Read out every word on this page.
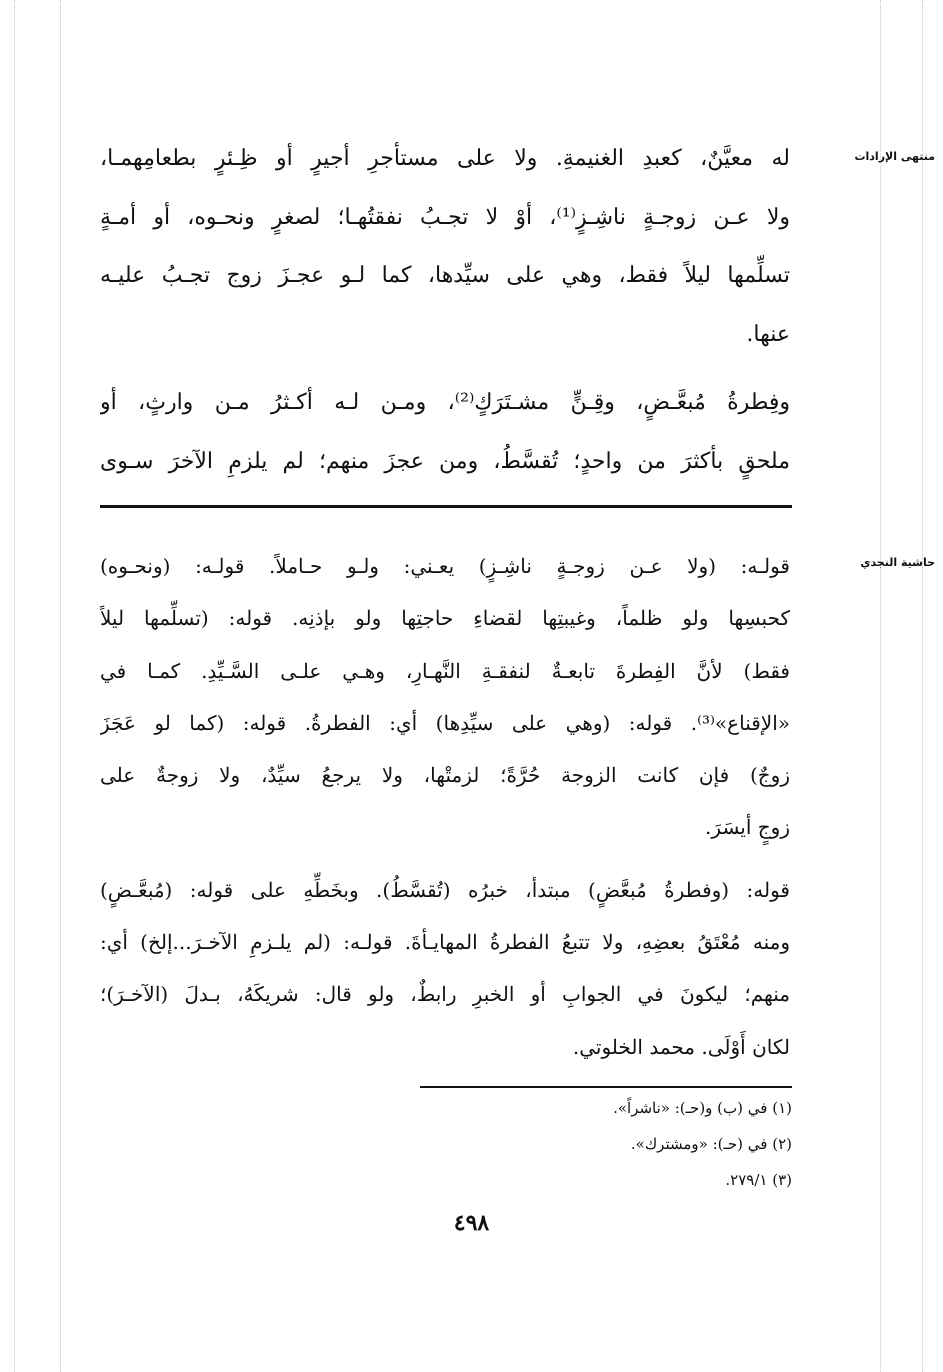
منتهى الإرادات
حاشية النجدي
له معيَّنٌ، كعبدِ الغنيمةِ. ولا على مستأجرِ أجيرٍ أو ظِـئرٍ بطعامِهمـا،
ولا عـن زوجـةٍ ناشِـزٍ⁽¹⁾، أوْ لا تجـبُ نفقتُهـا؛ لصغرٍ ونحـوه، أو أمـةٍ
تسلِّمها ليلاً فقط، وهي على سيِّدها، كما لـو عجـزَ زوج تجـبُ عليـه
عنها.
وفِطرةُ مُبعَّـضٍ، وقِـنٍّ مشـتَرَكٍ⁽²⁾، ومـن لـه أكـثرُ مـن وارثٍ، أو
ملحقٍ بأكثرَ من واحدٍ؛ تُقسَّطُ، ومن عجزَ منهم؛ لم يلزمِ الآخرَ سـوى
قولـه: (ولا عـن زوجـةٍ ناشِـزٍ) يعـني: ولـو حـاملاً. قولـه: (ونحـوه)
كحبسِها ولو ظلماً، وغيبتِها لقضاءِ حاجتِها ولو بإذنِه. قوله: (تسلِّمها ليلاً
فقط) لأنَّ الفِطرةَ تابعـةٌ لنفقـةِ النَّهـارِ، وهـي علـى السَّـيِّدِ. كمـا في
«الإقناع»⁽³⁾. قوله: (وهي على سيِّدِها) أي: الفطرةُ. قوله: (كما لو عَجَزَ
زوجٌ) فإن كانت الزوجة حُرَّةً؛ لزمتْها، ولا يرجعُ سيِّدٌ، ولا زوجةٌ على
زوجٍ أيسَرَ.
قوله: (وفطرةُ مُبعَّضٍ) مبتدأ، خبرُه (تُقسَّطُ). وبخَطِّهِ على قوله: (مُبعَّـضٍ)
ومنه مُعْتَقُ بعضِهِ، ولا تتبعُ الفطرةُ المهايـأةَ. قولـه: (لم يلـزمِ الآخـرَ...إلخ) أي:
منهم؛ ليكونَ في الجوابِ أو الخبرِ رابطٌ، ولو قال: شريكَهُ، بـدلَ (الآخـرَ)؛
لكان أَوْلَى. محمد الخلوتي.
(١) في (ب) و(حـ): «ناشراً».
(٢) في (حـ): «ومشترك».
(٣) ٢٧٩/١.
٤٩٨
